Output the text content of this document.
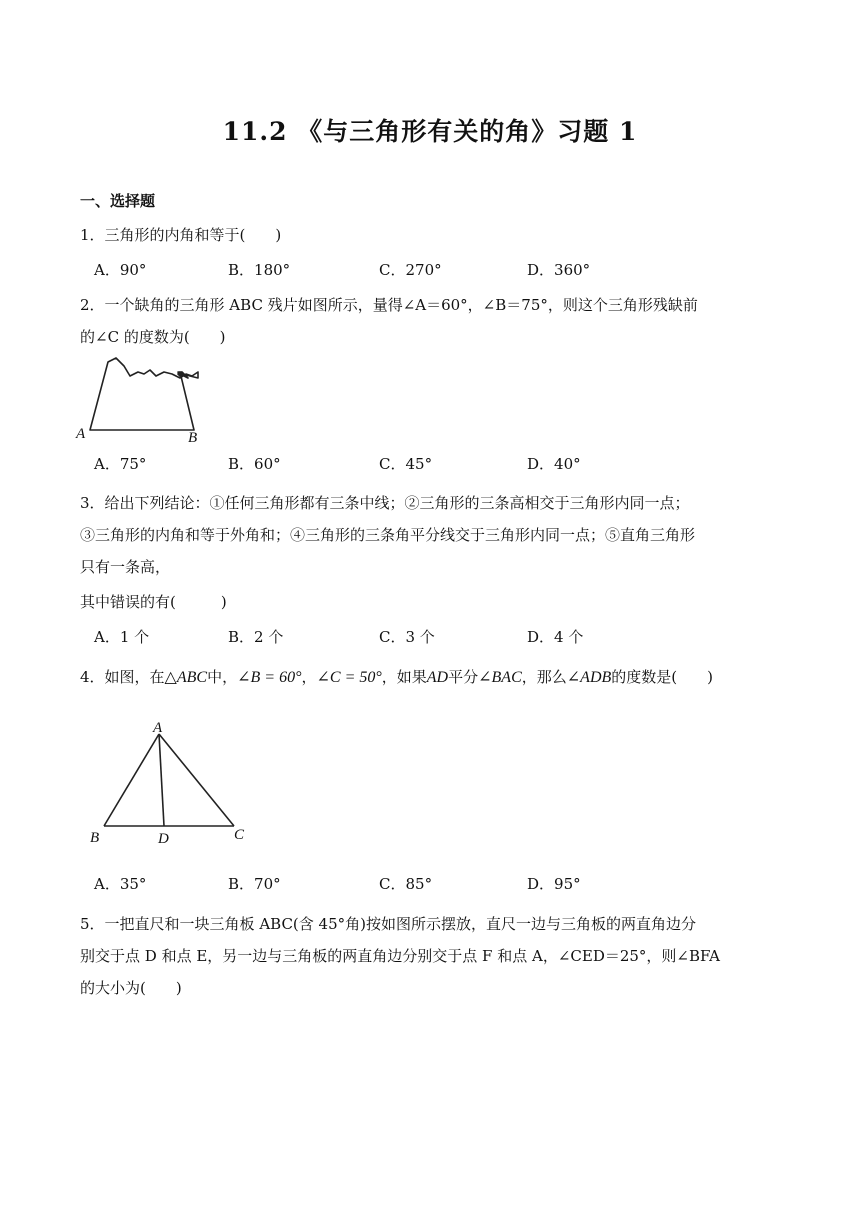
11.2 《与三角形有关的角》习题 1
一、选择题
1．三角形的内角和等于(　　)
A．90°	B．180°	C．270°	D．360°
2．一个缺角的三角形 ABC 残片如图所示，量得∠A＝60°，∠B＝75°，则这个三角形残缺前
的∠C 的度数为(　　)
A	B
A．75°	B．60°	C．45°	D．40°
3．给出下列结论：①任何三角形都有三条中线；②三角形的三条高相交于三角形内同一点；
③三角形的内角和等于外角和；④三角形的三条角平分线交于三角形内同一点；⑤直角三角形
只有一条高，
其中错误的有(　　　)
A．1 个	B．2 个	C．3 个	D．4 个
4．如图，在△ABC中，∠B = 60°，∠C = 50°，如果AD平分∠BAC，那么∠ADB的度数是(　　)
A
B	D	C
A．35°	B．70°	C．85°	D．95°
5．一把直尺和一块三角板 ABC(含 45°角)按如图所示摆放，直尺一边与三角板的两直角边分
别交于点 D 和点 E，另一边与三角板的两直角边分别交于点 F 和点 A，∠CED＝25°，则∠BFA
的大小为(　　)
